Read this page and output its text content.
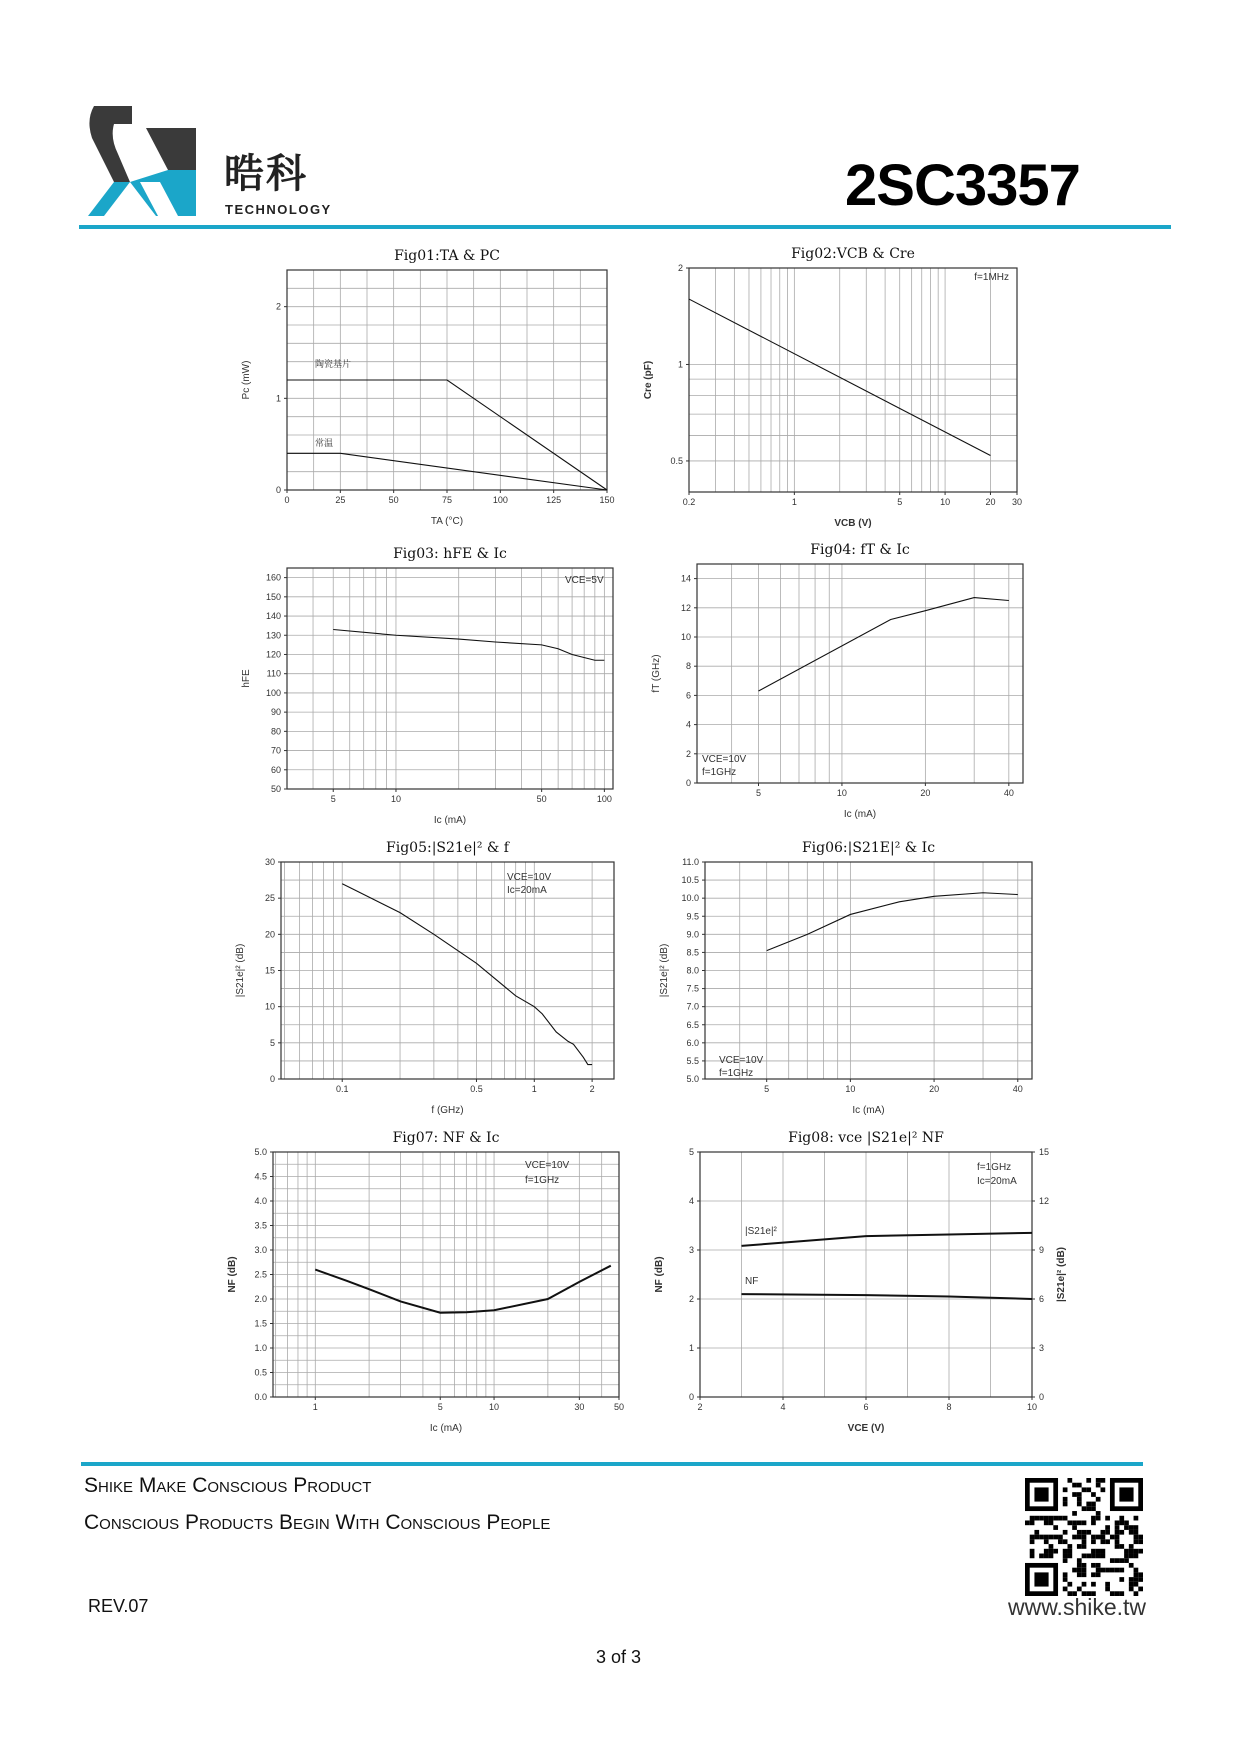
晧科
TECHNOLOGY	2SC3357
0	25	50	75	100	125	150
0
1
2
Fig01:TA & PC
TA (°C)
Pc (mW)	陶瓷基片
常温
0.2	1	5	10	20 30
0.5
1
2
Fig02:VCB & Cre
VCB (V)
Cre (pF)
f=1MHz
5	10	50	100
50
60
70
80
90
100
110
120
130
140
150
160
Fig03: hFE & Ic
Ic (mA)
hFE
VCE=5V
5	10	20	40
0
2
4
6
8
10
12
14
Fig04: fT & Ic
Ic (mA)
fT (GHz)
VCE=10V
f=1GHz
0.1	0.5	1	2
0
5
10
15
20
25
30
Fig05:|S21e|² & f
f (GHz)
|S21e|² (dB)
VCE=10V
Ic=20mA
5	10	20	40
5.0
5.5
6.0
6.5
7.0
7.5
8.0
8.5
9.0
9.5
10.0
10.5
11.0
Fig06:|S21E|² & Ic
Ic (mA)
|S21e|² (dB)
VCE=10V
f=1GHz
1	5	10	30	50
0.0
0.5
1.0
1.5
2.0
2.5
3.0
3.5
4.0
4.5
5.0
Fig07: NF & Ic
Ic (mA)
NF (dB)
VCE=10V
f=1GHz
2	4	6	8	10
0
1
2
3
4
5
0
3
6
9
12
15
Fig08: vce |S21e|² NF
VCE (V)
NF (dB)	|S21e|² (dB)
f=1GHz
Ic=20mA
|S21e|²
NF
Shike Make Conscious Product
Conscious Products Begin With Conscious People
REV.07	www.shike.tw
3 of 3
